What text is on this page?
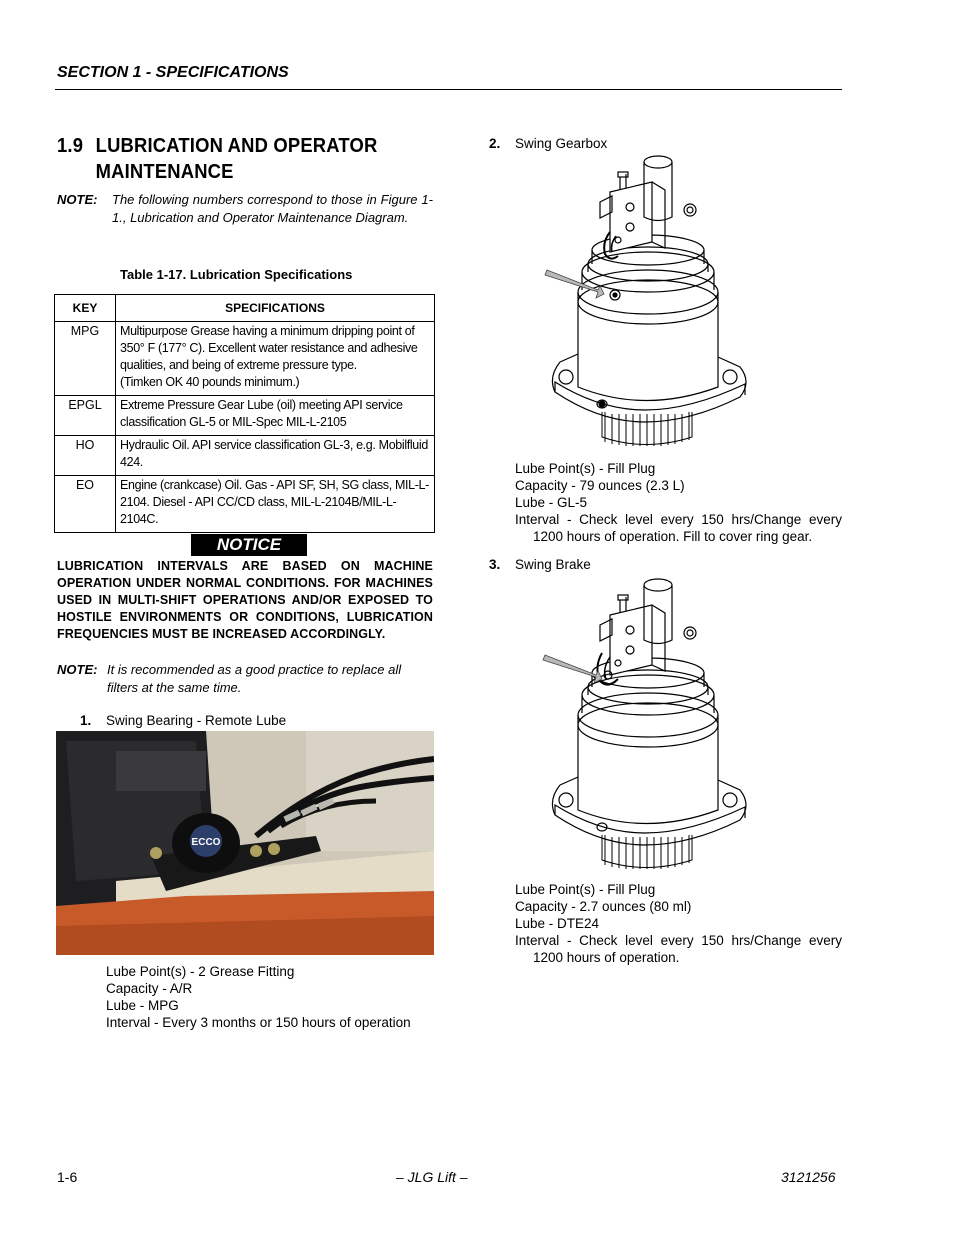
SECTION 1 - SPECIFICATIONS
1.9 LUBRICATION AND OPERATOR
MAINTENANCE
NOTE: The following numbers correspond to those in Figure 1-1., Lubrication and Operator Maintenance Diagram.
Table 1-17. Lubrication Specifications
KEY	SPECIFICATIONS
MPG	Multipurpose Grease having a minimum dripping point of 350° F (177° C). Excellent water resistance and adhesive qualities, and being of extreme pressure type.
(Timken OK 40 pounds minimum.)
EPGL	Extreme Pressure Gear Lube (oil) meeting API service classification GL-5 or MIL-Spec MIL-L-2105
HO	Hydraulic Oil. API service classification GL-3, e.g. Mobilfluid 424.
EO	Engine (crankcase) Oil. Gas - API SF, SH, SG class, MIL-L-2104. Diesel - API CC/CD class, MIL-L-2104B/MIL-L-2104C.
NOTICE
LUBRICATION INTERVALS ARE BASED ON MACHINE OPERATION UNDER NORMAL CONDITIONS. FOR MACHINES USED IN MULTI-SHIFT OPERATIONS AND/OR EXPOSED TO HOSTILE ENVIRONMENTS OR CONDITIONS, LUBRICATION FREQUENCIES MUST BE INCREASED ACCORDINGLY.
NOTE: It is recommended as a good practice to replace all filters at the same time.
1. Swing Bearing - Remote Lube
ECCO
Lube Point(s) - 2 Grease Fitting
Capacity - A/R
Lube - MPG
Interval - Every 3 months or 150 hours of operation
2. Swing Gearbox
Lube Point(s) - Fill Plug
Capacity - 79 ounces (2.3 L)
Lube - GL-5
Interval - Check level every 150 hrs/Change every
1200 hours of operation. Fill to cover ring gear.
3. Swing Brake
Lube Point(s) - Fill Plug
Capacity - 2.7 ounces (80 ml)
Lube - DTE24
Interval - Check level every 150 hrs/Change every
1200 hours of operation.
1-6	– JLG Lift –	3121256
